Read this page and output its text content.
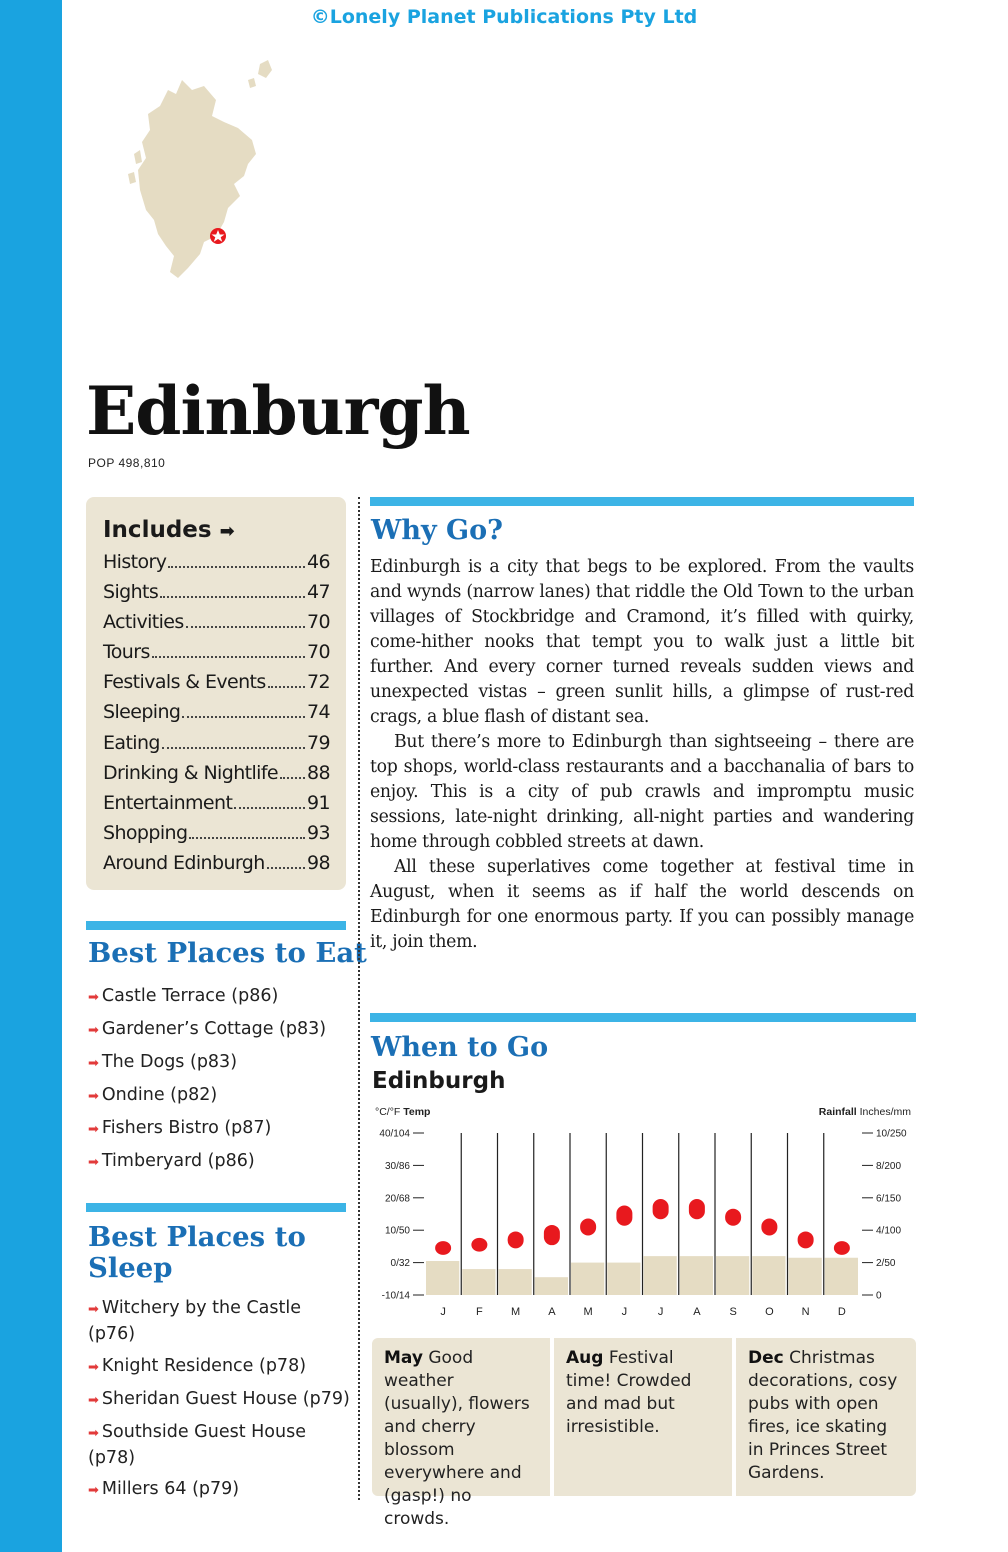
©Lonely Planet Publications Pty Ltd
Edinburgh
POP 498,810
Includes ➡
History	46
Sights	47
Activities	70
Tours	70
Festivals & Events 72
Sleeping	74
Eating	79
Drinking & Nightlife 88
Entertainment	91
Shopping	93
Around Edinburgh 98
Best Places to Eat
➡ Castle Terrace (p86)
➡ Gardener’s Cottage (p83)
➡ The Dogs (p83)
➡ Ondine (p82)
➡ Fishers Bistro (p87)
➡ Timberyard (p86)
Best Places to
Sleep
➡ Witchery by the Castle
(p76)
➡ Knight Residence (p78)
➡ Sheridan Guest House (p79)
➡ Southside Guest House
(p78)
➡ Millers 64 (p79)
Why Go?

Edinburgh is a city that begs to be explored. From the vaults and wynds (narrow lanes) that riddle the Old Town to the urban villages of Stockbridge and Cramond, it’s filled with quirky, come-hither nooks that tempt you to walk just a little bit further. And every corner turned reveals sudden views and unexpected vistas – green sunlit hills, a glimpse of rust-red crags, a blue flash of distant sea.

But there’s more to Edinburgh than sightseeing – there are top shops, world-class restaurants and a bacchanalia of bars to enjoy. This is a city of pub crawls and impromptu music sessions, late-night drinking, all-night parties and wandering home through cobbled streets at dawn.

All these superlatives come together at festival time in August, when it seems as if half the world descends on Edinburgh for one enormous party. If you can possibly manage it, join them.

When to Go
Edinburgh
°C/°F Temp	Rainfall Inches/mm
40/104
30/86
20/68
10/50
0/32
-10/14
10/250
8/200
6/150
4/100
2/50
0
J	F	M	A	M	J	J	A	S	O	N	D
May Good weather (usually), flowers and cherry blossom everywhere and (gasp!) no crowds.
Aug Festival time! Crowded and mad but irresistible.
Dec Christmas decorations, cosy pubs with open fires, ice skating in Princes Street Gardens.
